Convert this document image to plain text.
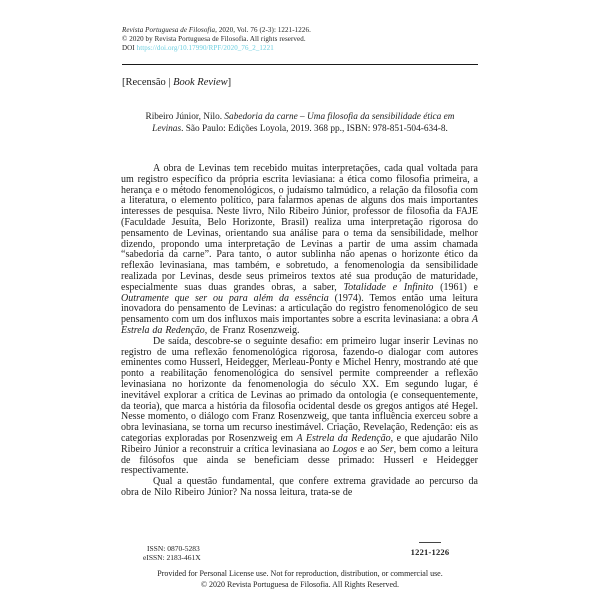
Revista Portuguesa de Filosofia, 2020, Vol. 76 (2-3): 1221-1226.
© 2020 by Revista Portuguesa de Filosofia. All rights reserved.
DOI https://doi.org/10.17990/RPF/2020_76_2_1221
[Recensão | Book Review]
Ribeiro Júnior, Nilo. Sabedoria da carne – Uma filosofia da sensibilidade ética em Levinas. São Paulo: Edições Loyola, 2019. 368 pp., ISBN: 978-851-504-634-8.

A obra de Levinas tem recebido muitas interpretações, cada qual voltada para um registro específico da própria escrita leviasiana: a ética como filosofia primeira, a herança e o método fenomenológicos, o judaísmo talmúdico, a relação da filosofia com a literatura, o elemento político, para falarmos apenas de alguns dos mais importantes interesses de pesquisa. Neste livro, Nilo Ribeiro Júnior, professor de filosofia da FAJE (Faculdade Jesuíta, Belo Horizonte, Brasil) realiza uma interpretação rigorosa do pensamento de Levinas, orientando sua análise para o tema da sensibilidade, melhor dizendo, propondo uma interpretação de Levinas a partir de uma assim chamada “sabedoria da carne”. Para tanto, o autor sublinha não apenas o horizonte ético da reflexão levinasiana, mas também, e sobretudo, a fenomenologia da sensibilidade realizada por Levinas, desde seus primeiros textos até sua produção de maturidade, especialmente suas duas grandes obras, a saber, Totalidade e Infinito (1961) e Outramente que ser ou para além da essência (1974). Temos então uma leitura inovadora do pensamento de Levinas: a articulação do registro fenomenológico de seu pensamento com um dos influxos mais importantes sobre a escrita levinasiana: a obra A Estrela da Redenção, de Franz Rosenzweig.

De saída, descobre-se o seguinte desafio: em primeiro lugar inserir Levinas no registro de uma reflexão fenomenológica rigorosa, fazendo-o dialogar com autores eminentes como Husserl, Heidegger, Merleau-Ponty e Michel Henry, mostrando até que ponto a reabilitação fenomenológica do sensível permite compreender a reflexão levinasiana no horizonte da fenomenologia do século XX. Em segundo lugar, é inevitável explorar a crítica de Levinas ao primado da ontologia (e consequentemente, da teoria), que marca a história da filosofia ocidental desde os gregos antigos até Hegel. Nesse momento, o diálogo com Franz Rosenzweig, que tanta influência exerceu sobre a obra levinasiana, se torna um recurso inestimável. Criação, Revelação, Redenção: eis as categorias exploradas por Rosenzweig em A Estrela da Redenção, e que ajudarão Nilo Ribeiro Júnior a reconstruir a crítica levinasiana ao Logos e ao Ser, bem como a leitura de filósofos que ainda se beneficiam desse primado: Husserl e Heidegger respectivamente.

Qual a questão fundamental, que confere extrema gravidade ao percurso da obra de Nilo Ribeiro Júnior? Na nossa leitura, trata-se de

ISSN: 0870-5283
eISSN: 2183-461X
1221-1226
Provided for Personal License use. Not for reproduction, distribution, or commercial use.
© 2020 Revista Portuguesa de Filosofia. All Rights Reserved.
